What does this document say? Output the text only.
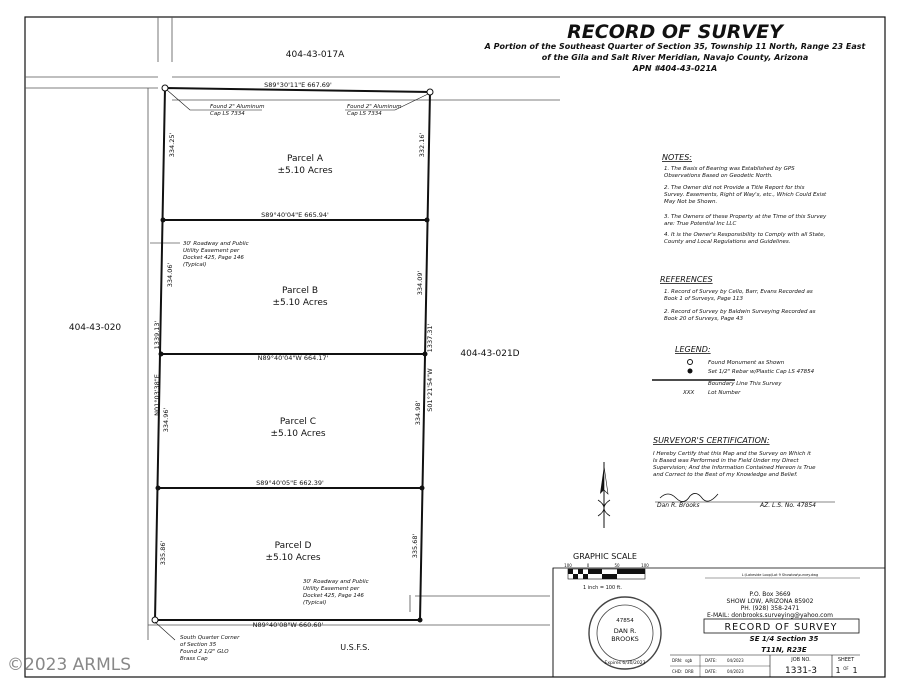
RECORD OF SURVEY
A Portion of the Southeast Quarter of Section 35, Township 11 North, Range 23 East
of the Gila and Salt River Meridian, Navajo County, Arizona
APN #404-43-021A
404-43-017A
404-43-020
404-43-021D
U.S.F.S.
Parcel A
±5.10 Acres
Parcel B
±5.10 Acres
Parcel C
±5.10 Acres
Parcel D
±5.10 Acres
S89°30'11"E 667.69'
S89°40'04"E 665.94'
N89°40'04"W 664.17'
S89°40'05"E 662.39'
N89°40'08"W 660.60'
334.25'
334.06'
1339.13'
N01°03'38"E
334.96'
335.86'
332.16'
334.09'
1337.31'
S01°21'54"W
334.98'
335.68'
Found 2" Aluminum
Cap LS 7334
Found 2" Aluminum
Cap LS 7334
30' Roadway and Public
Utility Easement per
Docket 425, Page 146
(Typical)
30' Roadway and Public
Utility Easement per
Docket 425, Page 146
(Typical)
South Quarter Corner
of Section 35
Found 2 1/2" GLO
Brass Cap
NOTES:
1. The Basis of Bearing was Established by GPS
Observations Based on Geodetic North.
2. The Owner did not Provide a Title Report for this
Survey. Easements, Right of Way's, etc., Which Could Exist
May Not be Shown.
3. The Owners of these Property at the Time of this Survey
are: True Potential Inc LLC
4. It is the Owner's Responsibility to Comply with all State,
County and Local Regulations and Guidelines.
REFERENCES
1. Record of Survey by Cello, Barr, Evans Recorded as
Book 1 of Surveys, Page 113
2. Record of Survey by Baldwin Surveying Recorded as
Book 20 of Surveys, Page 43
LEGEND:
Found Monument as Shown
Set 1/2" Rebar w/Plastic Cap LS 47854
Boundary Line This Survey
XXX Lot Number
SURVEYOR'S CERTIFICATION:
I Hereby Certify that this Map and the Survey on Which it
Is Based was Performed in the Field Under my Direct
Supervision; And the Information Contained Hereon is True
and Correct to the Best of my Knowledge and Belief.
Dan R. Brooks	AZ. L.S. No. 47854
GRAPHIC SCALE
100	0	50	100
1 inch = 100 ft.
L:\Lakeside Loop\Lot 9 Showlow\survey.dwg
P.O. Box 3669
SHOW LOW, ARIZONA 85902
PH. (928) 358-2471
E-MAIL: donbrooks.surveying@yahoo.com
RECORD OF SURVEY
SE 1/4 Section 35
T11N, R23E
DRN: sgb	DATE:	04/2023
CHD: DRB	DATE:	04/2023
JOB NO.
1331-3
SHEET
1 OF 1
47854
DAN R.
BROOKS
Expires 6/30/2023
©2023 ARMLS
